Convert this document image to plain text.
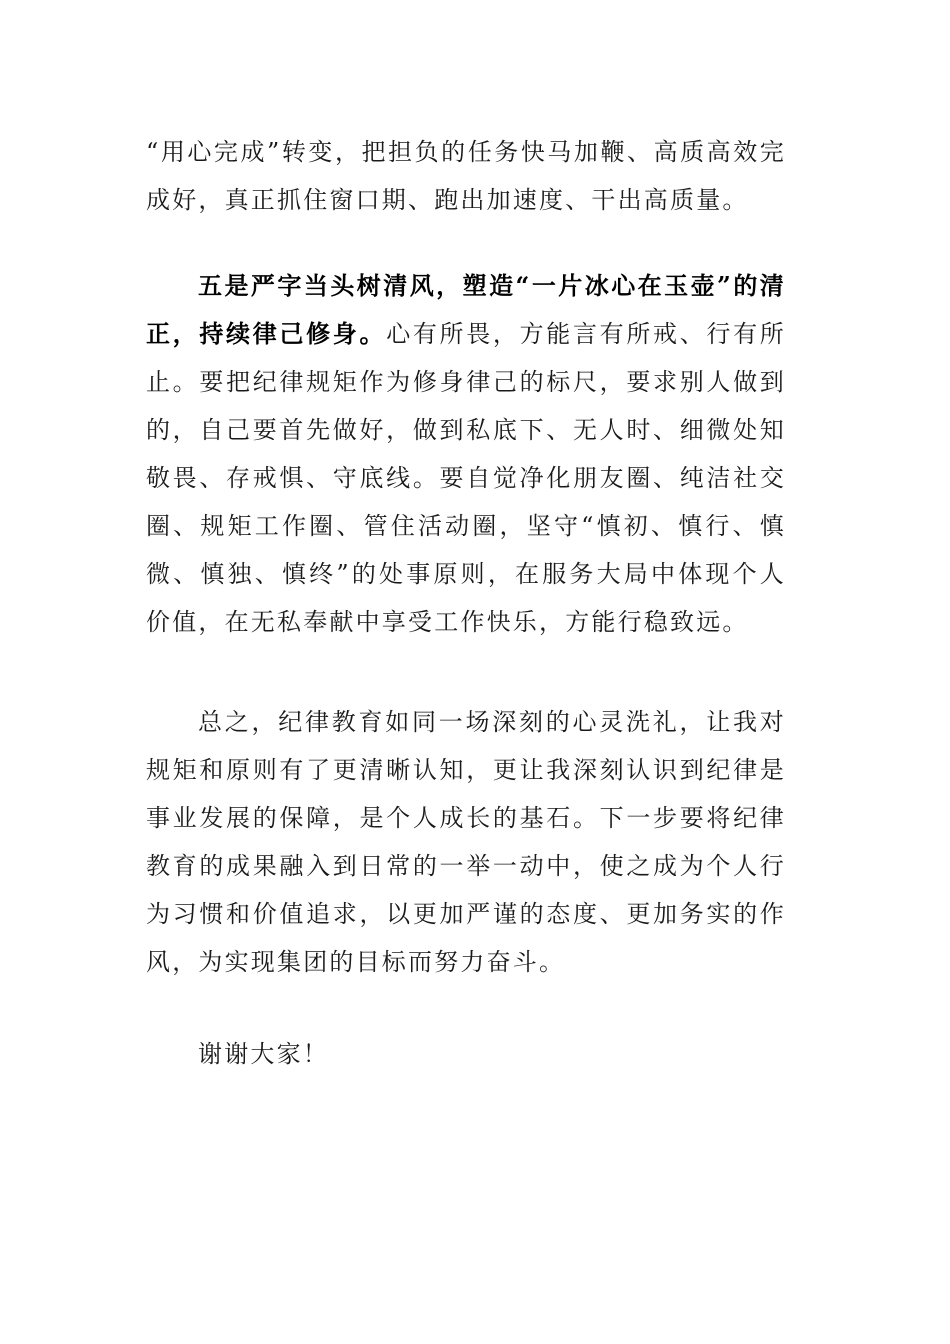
“用心完成”转变，把担负的任务快马加鞭、高质高效完成好，真正抓住窗口期、跑出加速度、干出高质量。

五是严字当头树清风，塑造“一片冰心在玉壶”的清正，持续律己修身。心有所畏，方能言有所戒、行有所止。要把纪律规矩作为修身律己的标尺，要求别人做到的，自己要首先做好，做到私底下、无人时、细微处知敬畏、存戒惧、守底线。要自觉净化朋友圈、纯洁社交圈、规矩工作圈、管住活动圈，坚守“慎初、慎行、慎微、慎独、慎终”的处事原则，在服务大局中体现个人价值，在无私奉献中享受工作快乐，方能行稳致远。

总之，纪律教育如同一场深刻的心灵洗礼，让我对规矩和原则有了更清晰认知，更让我深刻认识到纪律是事业发展的保障，是个人成长的基石。下一步要将纪律教育的成果融入到日常的一举一动中，使之成为个人行为习惯和价值追求，以更加严谨的态度、更加务实的作风，为实现集团的目标而努力奋斗。

谢谢大家！
